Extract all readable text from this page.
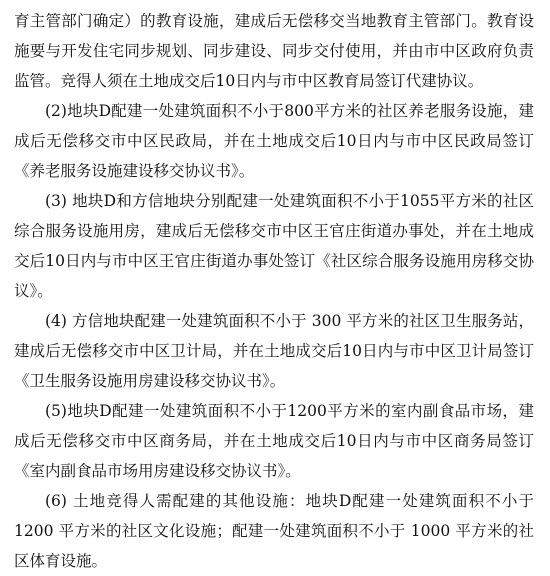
育主管部门确定）的教育设施，建成后无偿移交当地教育主管部门。教育设施要与开发住宅同步规划、同步建设、同步交付使用，并由市中区政府负责监管。竞得人须在土地成交后10日内与市中区教育局签订代建协议。

(2)地块D配建一处建筑面积不小于800平方米的社区养老服务设施，建成后无偿移交市中区民政局，并在土地成交后10日内与市中区民政局签订《养老服务设施建设移交协议书》。

(3) 地块D和方信地块分别配建一处建筑面积不小于1055平方米的社区综合服务设施用房，建成后无偿移交市中区王官庄街道办事处，并在土地成交后10日内与市中区王官庄街道办事处签订《社区综合服务设施用房移交协议》。

(4) 方信地块配建一处建筑面积不小于 300 平方米的社区卫生服务站，建成后无偿移交市中区卫计局，并在土地成交后10日内与市中区卫计局签订《卫生服务设施用房建设移交协议书》。

(5)地块D配建一处建筑面积不小于1200平方米的室内副食品市场，建成后无偿移交市中区商务局，并在土地成交后10日内与市中区商务局签订《室内副食品市场用房建设移交协议书》。

(6) 土地竞得人需配建的其他设施：地块D配建一处建筑面积不小于1200 平方米的社区文化设施；配建一处建筑面积不小于 1000 平方米的社区体育设施。
